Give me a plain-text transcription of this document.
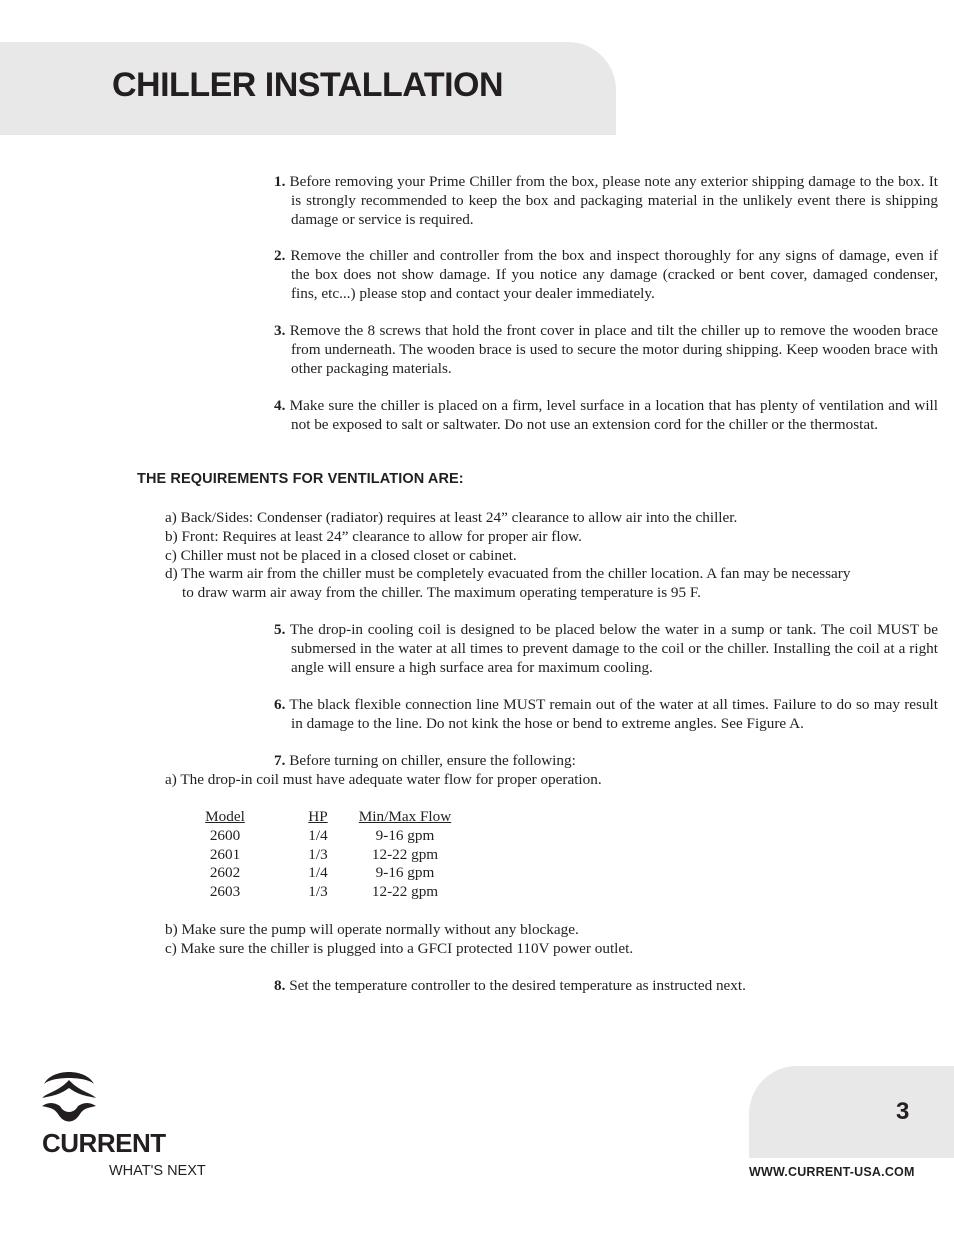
CHILLER INSTALLATION
1. Before removing your Prime Chiller from the box, please note any exterior shipping damage to the box. It is strongly recommended to keep the box and packaging material in the unlikely event there is shipping damage or service is required.
2. Remove the chiller and controller from the box and inspect thoroughly for any signs of damage, even if the box does not show damage. If you notice any damage (cracked or bent cover, damaged condenser, fins, etc...) please stop and contact your dealer immediately.
3. Remove the 8 screws that hold the front cover in place and tilt the chiller up to remove the wooden brace from underneath. The wooden brace is used to secure the motor during shipping. Keep wooden brace with other packaging materials.
4. Make sure the chiller is placed on a firm, level surface in a location that has plenty of ventilation and will not be exposed to salt or saltwater. Do not use an extension cord for the chiller or the thermostat.
THE REQUIREMENTS FOR VENTILATION ARE:
a) Back/Sides: Condenser (radiator) requires at least 24” clearance to allow air into the chiller.
b) Front: Requires at least 24” clearance to allow for proper air flow.
c) Chiller must not be placed in a closed closet or cabinet.
d) The warm air from the chiller must be completely evacuated from the chiller location. A fan may be necessary to draw warm air away from the chiller. The maximum operating temperature is 95 F.
5. The drop-in cooling coil is designed to be placed below the water in a sump or tank. The coil MUST be submersed in the water at all times to prevent damage to the coil or the chiller. Installing the coil at a right angle will ensure a high surface area for maximum cooling.
6. The black flexible connection line MUST remain out of the water at all times. Failure to do so may result in damage to the line. Do not kink the hose or bend to extreme angles. See Figure A.
7. Before turning on chiller, ensure the following:
a) The drop-in coil must have adequate water flow for proper operation.
Model	HP	Min/Max Flow
2600	1/4	9-16 gpm
2601	1/3	12-22 gpm
2602	1/4	9-16 gpm
2603	1/3	12-22 gpm
b) Make sure the pump will operate normally without any blockage.
c) Make sure the chiller is plugged into a GFCI protected 110V power outlet.
8. Set the temperature controller to the desired temperature as instructed next.
CURRENT
WHAT'S NEXT
3
WWW.CURRENT-USA.COM
